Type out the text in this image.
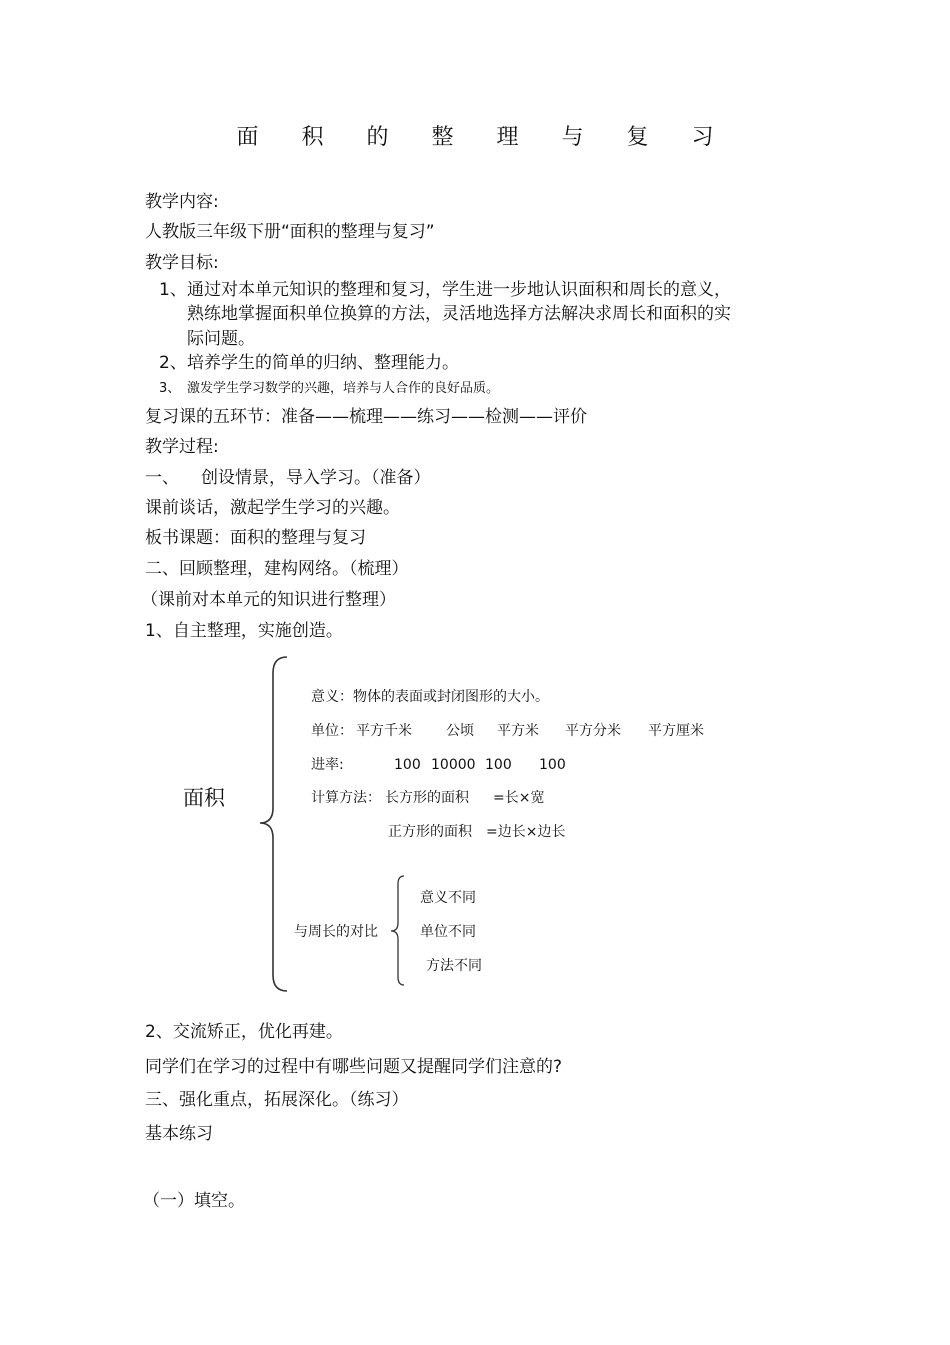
面 积 的 整 理 与 复 习
教学内容:
人教版三年级下册“面积的整理与复习”
教学目标:
1、 通过对本单元知识的整理和复习，学生进一步地认识面积和周长的意义，
熟练地掌握面积单位换算的方法，灵活地选择方法解决求周长和面积的实
际问题。
2、 培养学生的简单的归纳、整理能力。
3、 激发学生学习数学的兴趣，培养与人合作的良好品质。
复习课的五环节：准备——梳理——练习——检测——评价
教学过程:
一、 创设情景，导入学习。（准备）
课前谈话，激起学生学习的兴趣。
板书课题：面积的整理与复习
二、回顾整理，建构网络。（梳理）
（课前对本单元的知识进行整理）
1、自主整理，实施创造。
面积
意义：物体的表面或封闭图形的大小。
单位： 平方千米 公顷 平方米 平方分米 平方厘米
进率:	100 10000 100 100
计算方法： 长方形的面积 =长×宽
正方形的面积 =边长×边长
与周长的对比
意义不同
单位不同
方法不同
2、交流矫正，优化再建。
同学们在学习的过程中有哪些问题又提醒同学们注意的?
三、强化重点，拓展深化。（练习）
基本练习
（一）填空。
